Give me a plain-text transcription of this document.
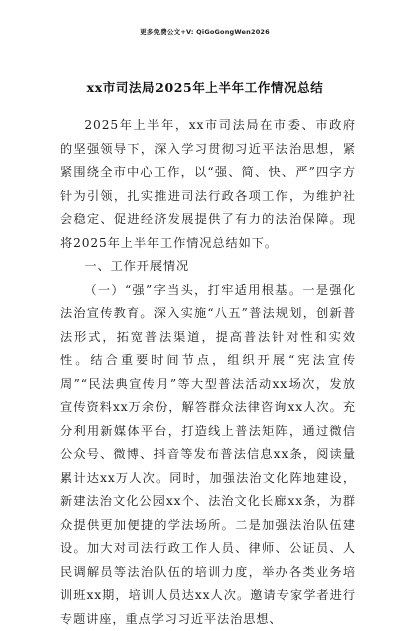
更多免费公文+V: QiGoGongWen2026
xx市司法局2025年上半年工作情况总结

2025年上半年，xx市司法局在市委、市政府的坚强领导下，深入学习贯彻习近平法治思想，紧紧围绕全市中心工作，以“强、简、快、严”四字方针为引领，扎实推进司法行政各项工作，为维护社会稳定、促进经济发展提供了有力的法治保障。现将2025年上半年工作情况总结如下。

一、工作开展情况

（一）“强”字当头，打牢适用根基。一是强化法治宣传教育。深入实施“八五”普法规划，创新普法形式，拓宽普法渠道，提高普法针对性和实效性。结合重要时间节点，组织开展“宪法宣传周”“民法典宣传月”等大型普法活动xx场次，发放宣传资料xx万余份，解答群众法律咨询xx人次。充分利用新媒体平台，打造线上普法矩阵，通过微信公众号、微博、抖音等发布普法信息xx条，阅读量累计达xx万人次。同时，加强法治文化阵地建设，新建法治文化公园xx个、法治文化长廊xx条，为群众提供更加便捷的学法场所。二是加强法治队伍建设。加大对司法行政工作人员、律师、公证员、人民调解员等法治队伍的培训力度，举办各类业务培训班xx期，培训人员达xx人次。邀请专家学者进行专题讲座，重点学习习近平法治思想、
